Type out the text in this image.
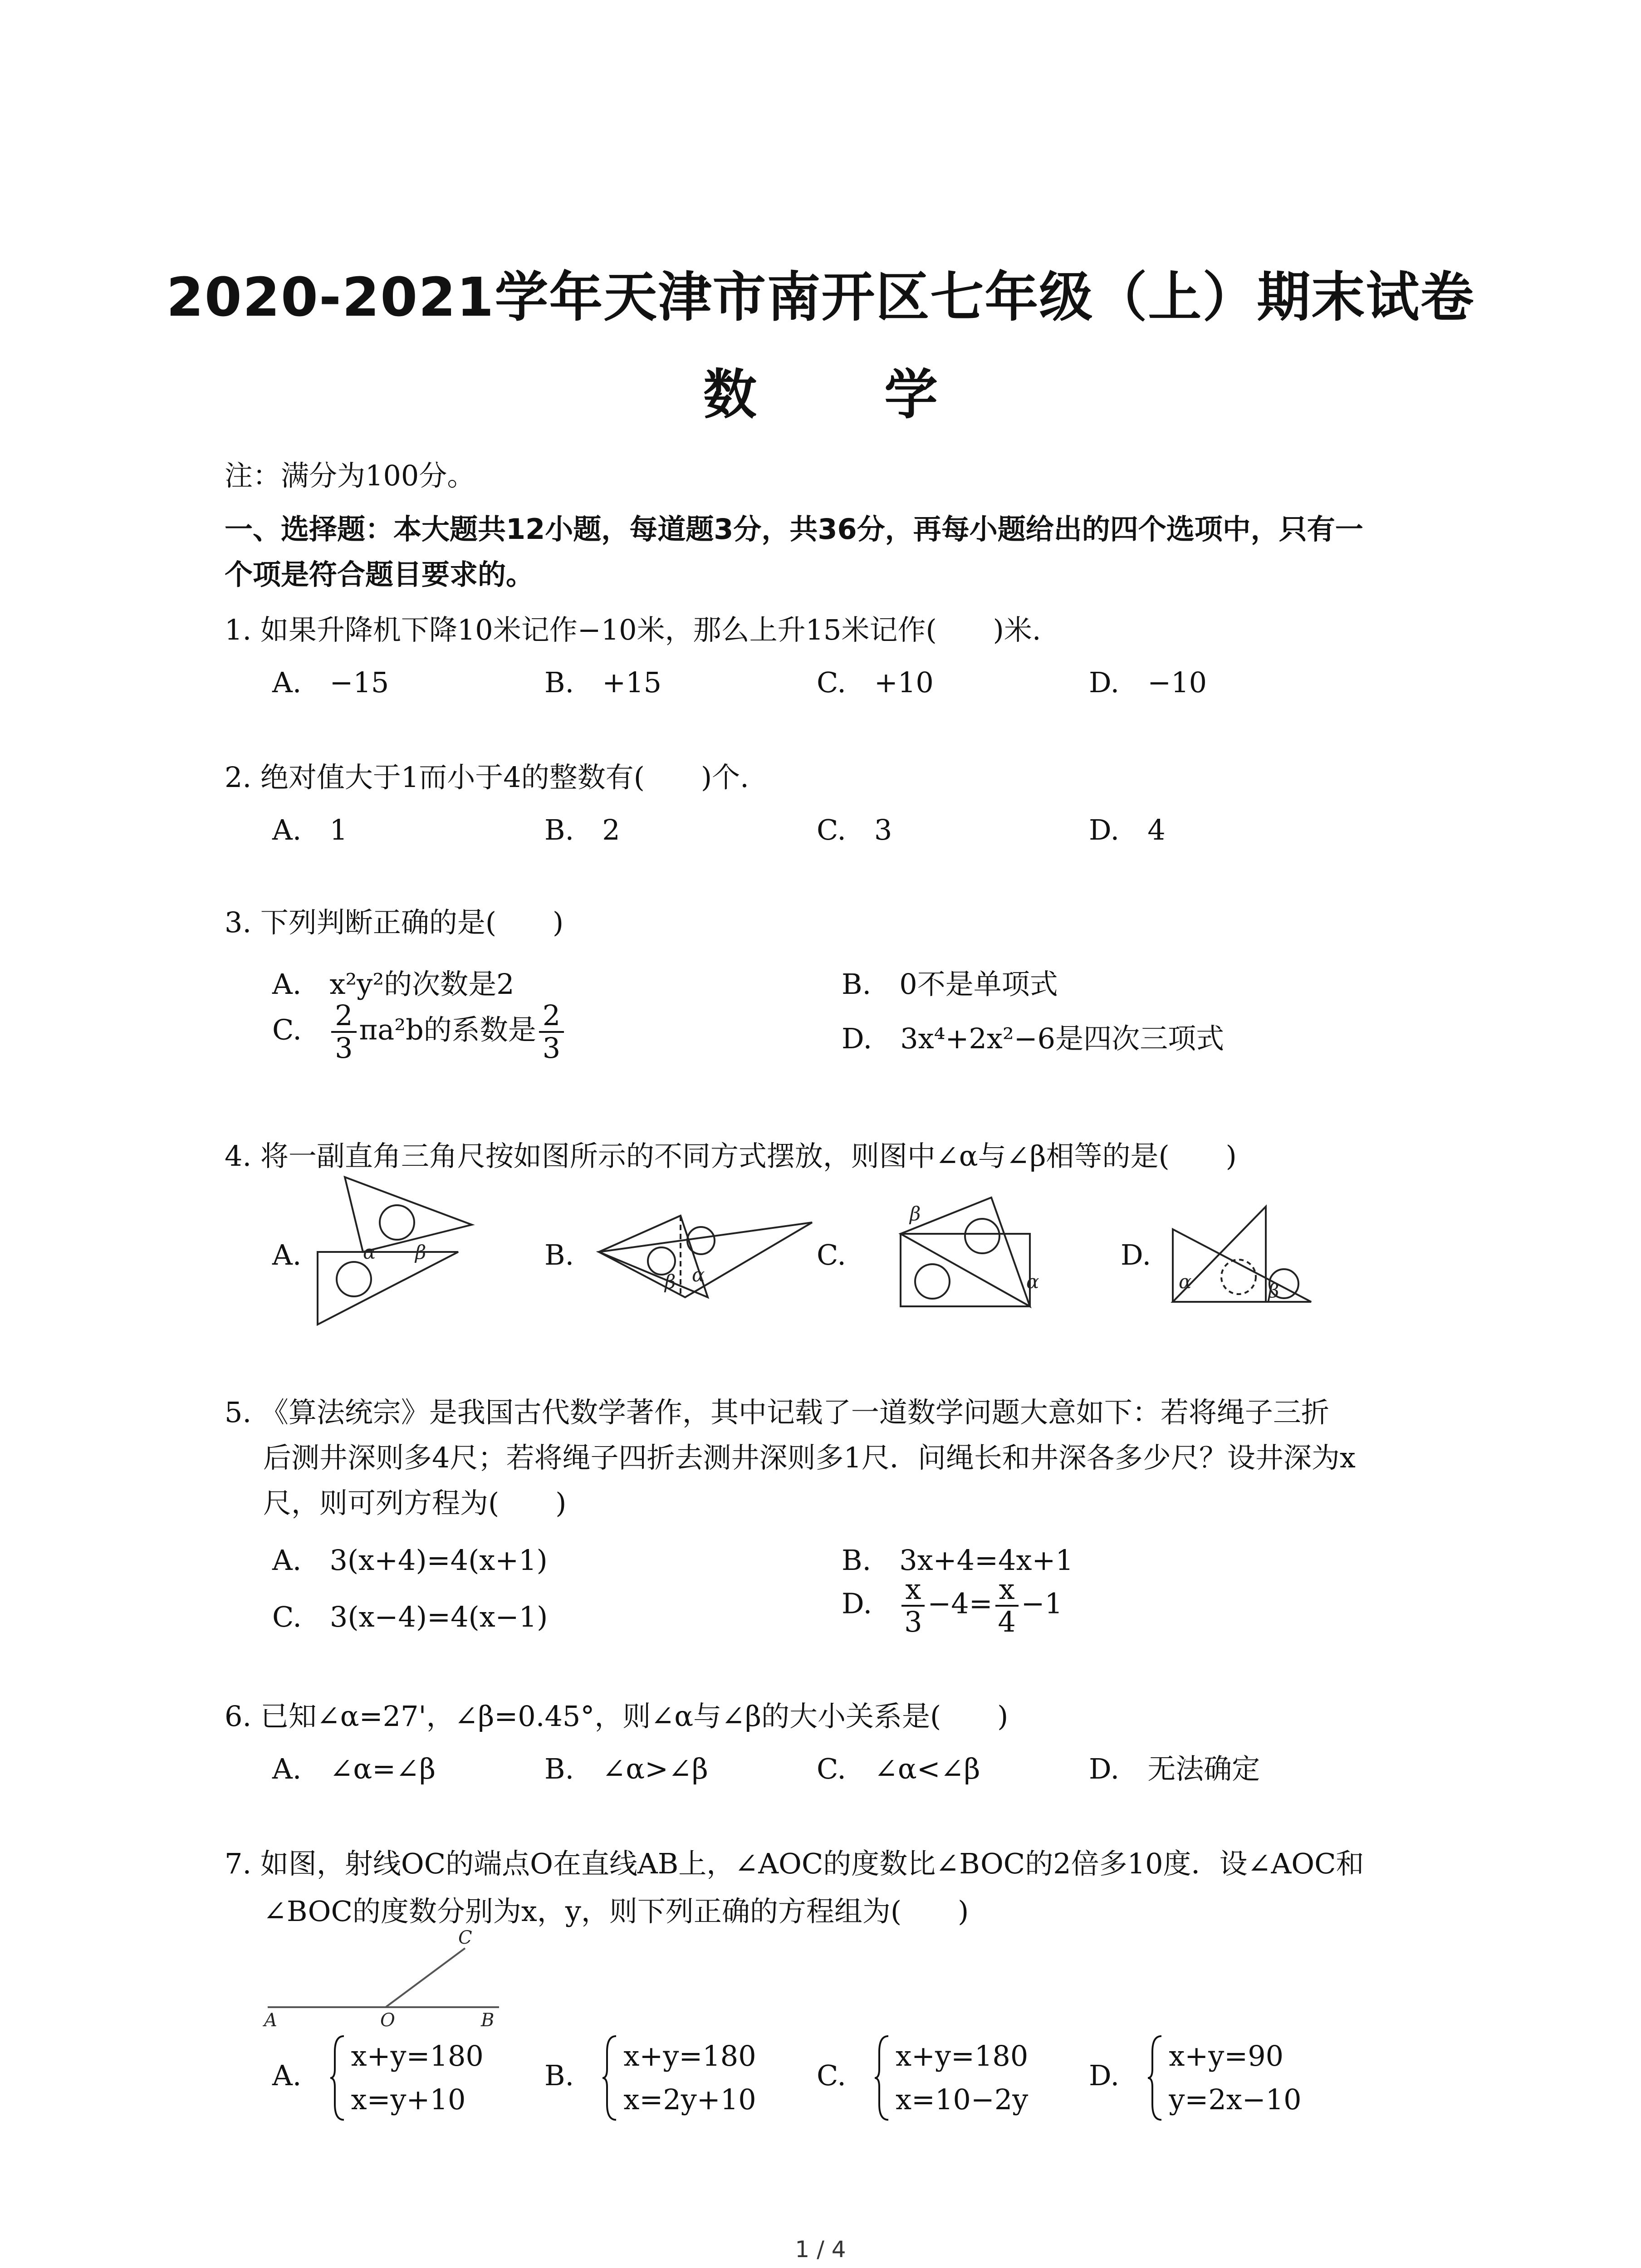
2020-2021学年天津市南开区七年级（上）期末试卷
数 学
注：满分为100分。
一、选择题：本大题共12小题，每道题3分，共36分，再每小题给出的四个选项中，只有一
个项是符合题目要求的。
1. 如果升降机下降10米记作−10米，那么上升15米记作(　　)米.
A.　−15	B.　+15	C.　+10	D.　−10
2. 绝对值大于1而小于4的整数有(　　)个.
A.　1	B.　2	C.　3	D.　4
3. 下列判断正确的是(　　)
A.　x²y²的次数是2	B.　0不是单项式
C. $\frac{2}{3} \pi a^2b$的系数是 $\frac{2}{3}$	D.　3x⁴+2x²−6是四次三项式
4. 将一副直角三角尺按如图所示的不同方式摆放，则图中∠α与∠β相等的是(　　)
A.	B.	C.	D.
α β
β α
β
α	α	β
5. 《算法统宗》是我国古代数学著作，其中记载了一道数学问题大意如下：若将绳子三折
后测井深则多4尺；若将绳子四折去测井深则多1尺．问绳长和井深各多少尺？设井深为x
尺，则可列方程为(　　)
A.　3(x+4)=4(x+1)	B.　3x+4=4x+1
C.　3(x−4)=4(x−1)	D. $\frac{x}{3} -4= \frac{x}{4} -1$
6. 已知∠α=27'，∠β=0.45°，则∠α与∠β的大小关系是(　　)
A.　∠α=∠β	B.　∠α>∠β	C.　∠α<∠β	D.　无法确定
7. 如图，射线OC的端点O在直线AB上，∠AOC的度数比∠BOC的2倍多10度．设∠AOC和
∠BOC的度数分别为x，y，则下列正确的方程组为(　　)
A	O	B
C
A.
x+y=180
x=y+10
B.
x+y=180
x=2y+10
C.
x+y=180
x=10−2y
D.
x+y=90
y=2x−10
1 / 4
